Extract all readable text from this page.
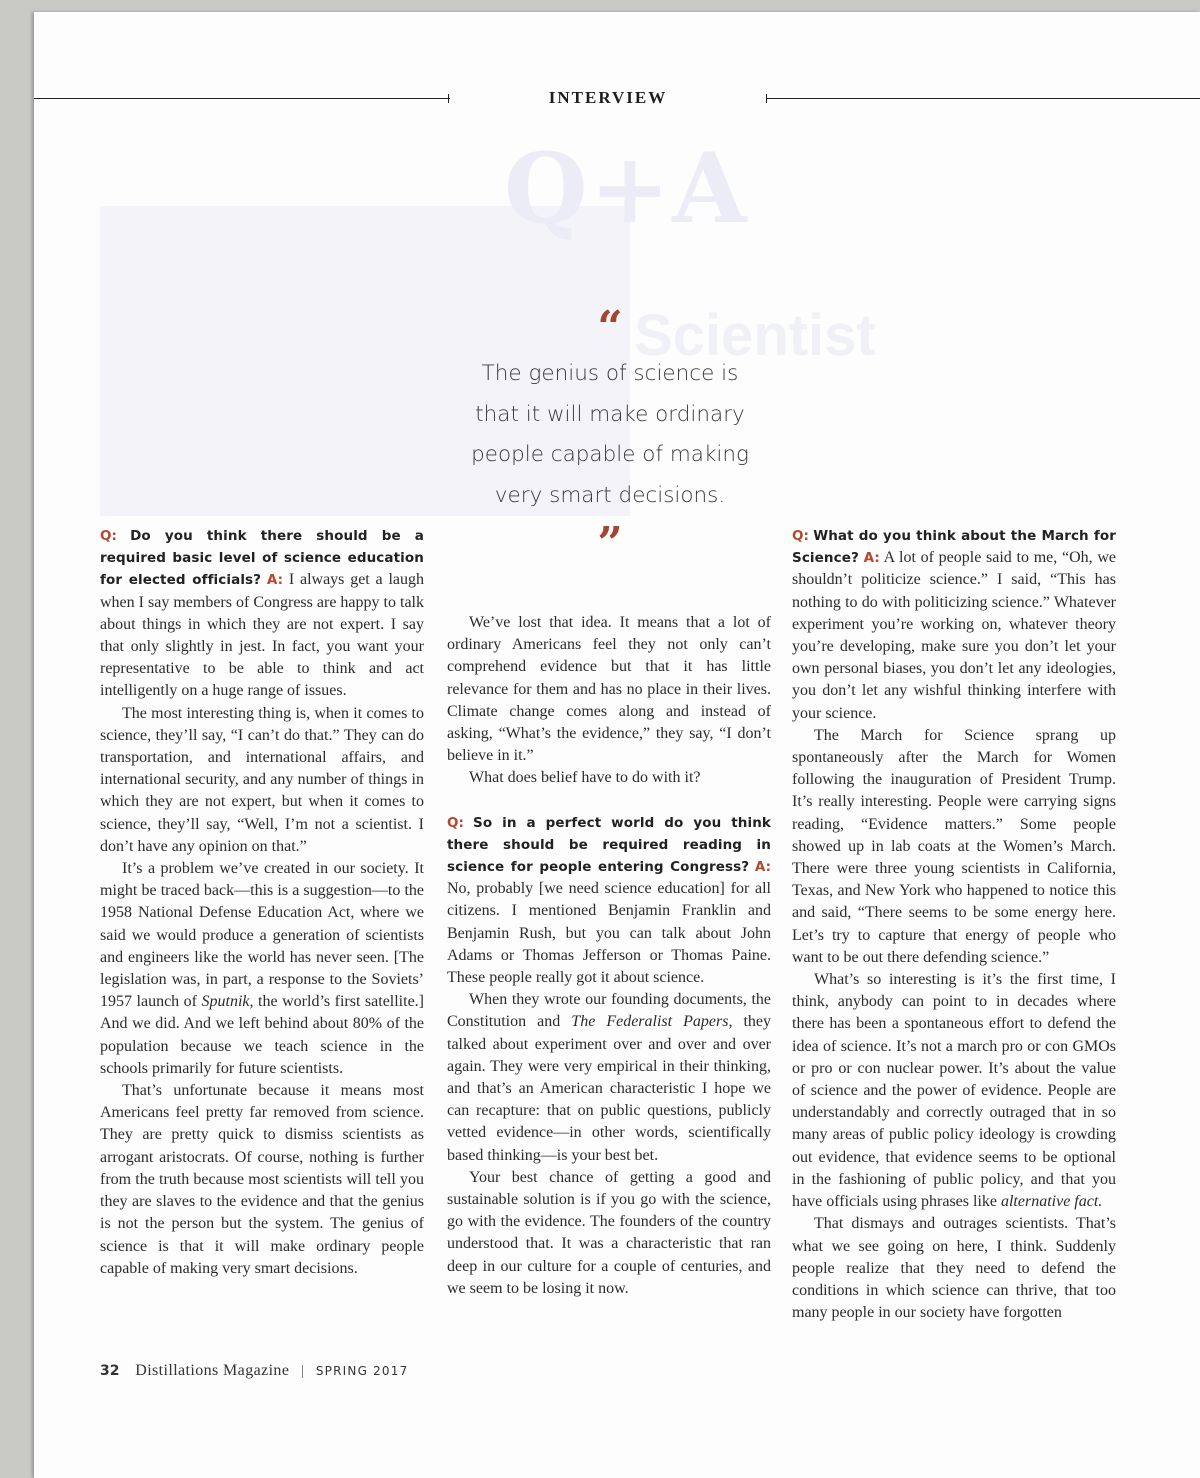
Q+A
Scientist
INTERVIEW
“
The genius of science is
that it will make ordinary
people capable of making
very smart decisions.
”

Q: Do you think there should be a required basic level of science education for elected officials? A: I always get a laugh when I say members of Congress are happy to talk about things in which they are not expert. I say that only slightly in jest. In fact, you want your representative to be able to think and act intelligently on a huge range of issues.

The most interesting thing is, when it comes to science, they’ll say, “I can’t do that.” They can do transportation, and international affairs, and international security, and any number of things in which they are not expert, but when it comes to science, they’ll say, “Well, I’m not a scientist. I don’t have any opinion on that.”

It’s a problem we’ve created in our society. It might be traced back—this is a suggestion—to the 1958 National Defense Education Act, where we said we would produce a generation of scientists and engineers like the world has never seen. [The legislation was, in part, a response to the Soviets’ 1957 launch of Sputnik, the world’s first satellite.] And we did. And we left behind about 80% of the population because we teach science in the schools primarily for future scientists.

That’s unfortunate because it means most Americans feel pretty far removed from science. They are pretty quick to dismiss scientists as arrogant aristocrats. Of course, nothing is further from the truth because most scientists will tell you they are slaves to the evidence and that the genius is not the person but the system. The genius of science is that it will make ordinary people capable of making very smart decisions.

We’ve lost that idea. It means that a lot of ordinary Americans feel they not only can’t comprehend evidence but that it has little relevance for them and has no place in their lives. Climate change comes along and instead of asking, “What’s the evidence,” they say, “I don’t believe in it.”

What does belief have to do with it?

Q: So in a perfect world do you think there should be required reading in science for people entering Congress? A: No, probably [we need science education] for all citizens. I mentioned Benjamin Franklin and Benjamin Rush, but you can talk about John Adams or Thomas Jefferson or Thomas Paine. These people really got it about science.

When they wrote our founding documents, the Constitution and The Federalist Papers, they talked about experiment over and over and over again. They were very empirical in their thinking, and that’s an American characteristic I hope we can recapture: that on public questions, publicly vetted evidence—in other words, scientifically based thinking—is your best bet.

Your best chance of getting a good and sustainable solution is if you go with the science, go with the evidence. The founders of the country understood that. It was a characteristic that ran deep in our culture for a couple of centuries, and we seem to be losing it now.

Q: What do you think about the March for Science? A: A lot of people said to me, “Oh, we shouldn’t politicize science.” I said, “This has nothing to do with politicizing science.” Whatever experiment you’re working on, whatever theory you’re developing, make sure you don’t let your own personal biases, you don’t let any ideologies, you don’t let any wishful thinking interfere with your science.

The March for Science sprang up spontaneously after the March for Women following the inauguration of President Trump. It’s really interesting. People were carrying signs reading, “Evidence matters.” Some people showed up in lab coats at the Women’s March. There were three young scientists in California, Texas, and New York who happened to notice this and said, “There seems to be some energy here. Let’s try to capture that energy of people who want to be out there defending science.”

What’s so interesting is it’s the first time, I think, anybody can point to in decades where there has been a spontaneous effort to defend the idea of science. It’s not a march pro or con GMOs or pro or con nuclear power. It’s about the value of science and the power of evidence. People are understandably and correctly outraged that in so many areas of public policy ideology is crowding out evidence, that evidence seems to be optional in the fashioning of public policy, and that you have officials using phrases like alternative fact.

That dismays and outrages scientists. That’s what we see going on here, I think. Suddenly people realize that they need to defend the conditions in which science can thrive, that too many people in our society have forgotten

32 Distillations Magazine | SPRING 2017
